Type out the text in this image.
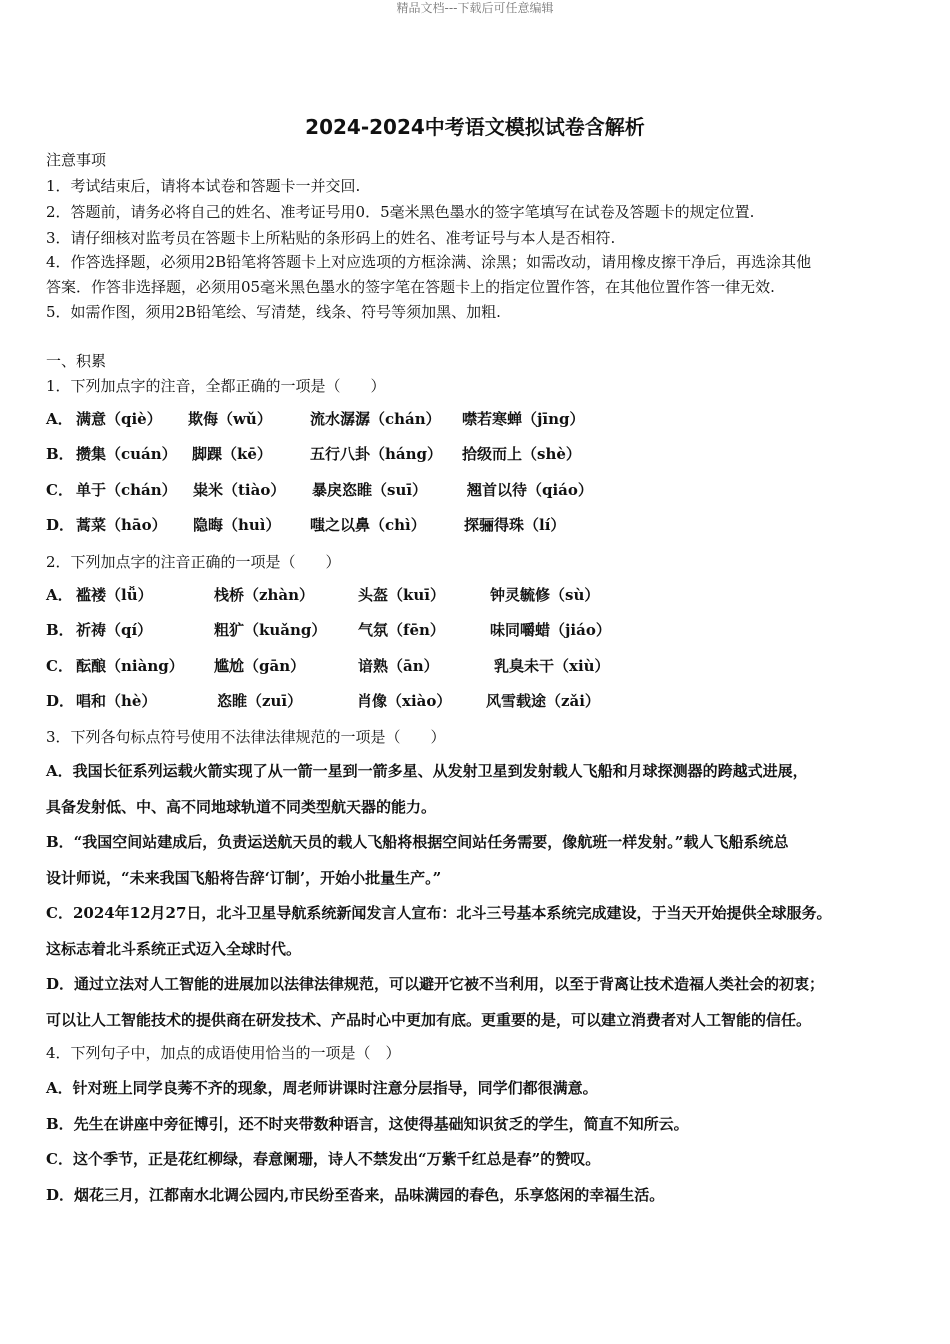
精品文档---下载后可任意编辑
2024-2024中考语文模拟试卷含解析
注意事项
1．考试结束后，请将本试卷和答题卡一并交回.
2．答题前，请务必将自己的姓名、准考证号用0．5毫米黑色墨水的签字笔填写在试卷及答题卡的规定位置.
3．请仔细核对监考员在答题卡上所粘贴的条形码上的姓名、准考证号与本人是否相符.
4．作答选择题，必须用2B铅笔将答题卡上对应选项的方框涂满、涂黑；如需改动，请用橡皮擦干净后，再选涂其他
答案．作答非选择题，必须用05毫米黑色墨水的签字笔在答题卡上的指定位置作答，在其他位置作答一律无效.
5．如需作图，须用2B铅笔绘、写清楚，线条、符号等须加黑、加粗.
一、积累
1．下列加点字的注音，全都正确的一项是（　　）
A． 满意（qiè） 欺侮（wǔ）	流水潺潺（chán） 噤若寒蝉（jīng）
B． 攒集（cuán） 脚踝（kē）	五行八卦（háng） 拾级而上（shè）
C． 单于（chán） 粜米（tiào） 暴戾恣睢（suī）	翘首以待（qiáo）
D． 蒿菜（hāo） 隐晦（huì） 嗤之以鼻（chì）	探骊得珠（lí）
2．下列加点字的注音正确的一项是（　　）
A． 褴褛（lǚ）	栈桥（zhàn）	头盔（kuī）	钟灵毓修（sù）
B． 祈祷（qí）	粗犷（kuǎng） 气氛（fēn）	味同嚼蜡（jiáo）
C． 酝酿（niàng） 尴尬（gān）	谙熟（ān）	乳臭未干（xiù）
D． 唱和（hè）	恣睢（zuī）	肖像（xiào） 风雪载途（zǎi）
3．下列各句标点符号使用不法律法律规范的一项是（　　）
A．我国长征系列运载火箭实现了从一箭一星到一箭多星、从发射卫星到发射载人飞船和月球探测器的跨越式进展，
具备发射低、中、高不同地球轨道不同类型航天器的能力。
B．“我国空间站建成后，负责运送航天员的载人飞船将根据空间站任务需要，像航班一样发射。”载人飞船系统总
设计师说，“未来我国飞船将告辞‘订制’，开始小批量生产。”
C．2024年12月27日，北斗卫星导航系统新闻发言人宣布：北斗三号基本系统完成建设，于当天开始提供全球服务。
这标志着北斗系统正式迈入全球时代。
D．通过立法对人工智能的进展加以法律法律规范，可以避开它被不当利用，以至于背离让技术造福人类社会的初衷；
可以让人工智能技术的提供商在研发技术、产品时心中更加有底。更重要的是，可以建立消费者对人工智能的信任。
4．下列句子中，加点的成语使用恰当的一项是（　）
A．针对班上同学良莠不齐的现象，周老师讲课时注意分层指导，同学们都很满意。
B．先生在讲座中旁征博引，还不时夹带数种语言，这使得基础知识贫乏的学生，简直不知所云。
C．这个季节，正是花红柳绿，春意阑珊，诗人不禁发出“万紫千红总是春”的赞叹。
D．烟花三月，江都南水北调公园内,市民纷至沓来，品味满园的春色，乐享悠闲的幸福生活。
